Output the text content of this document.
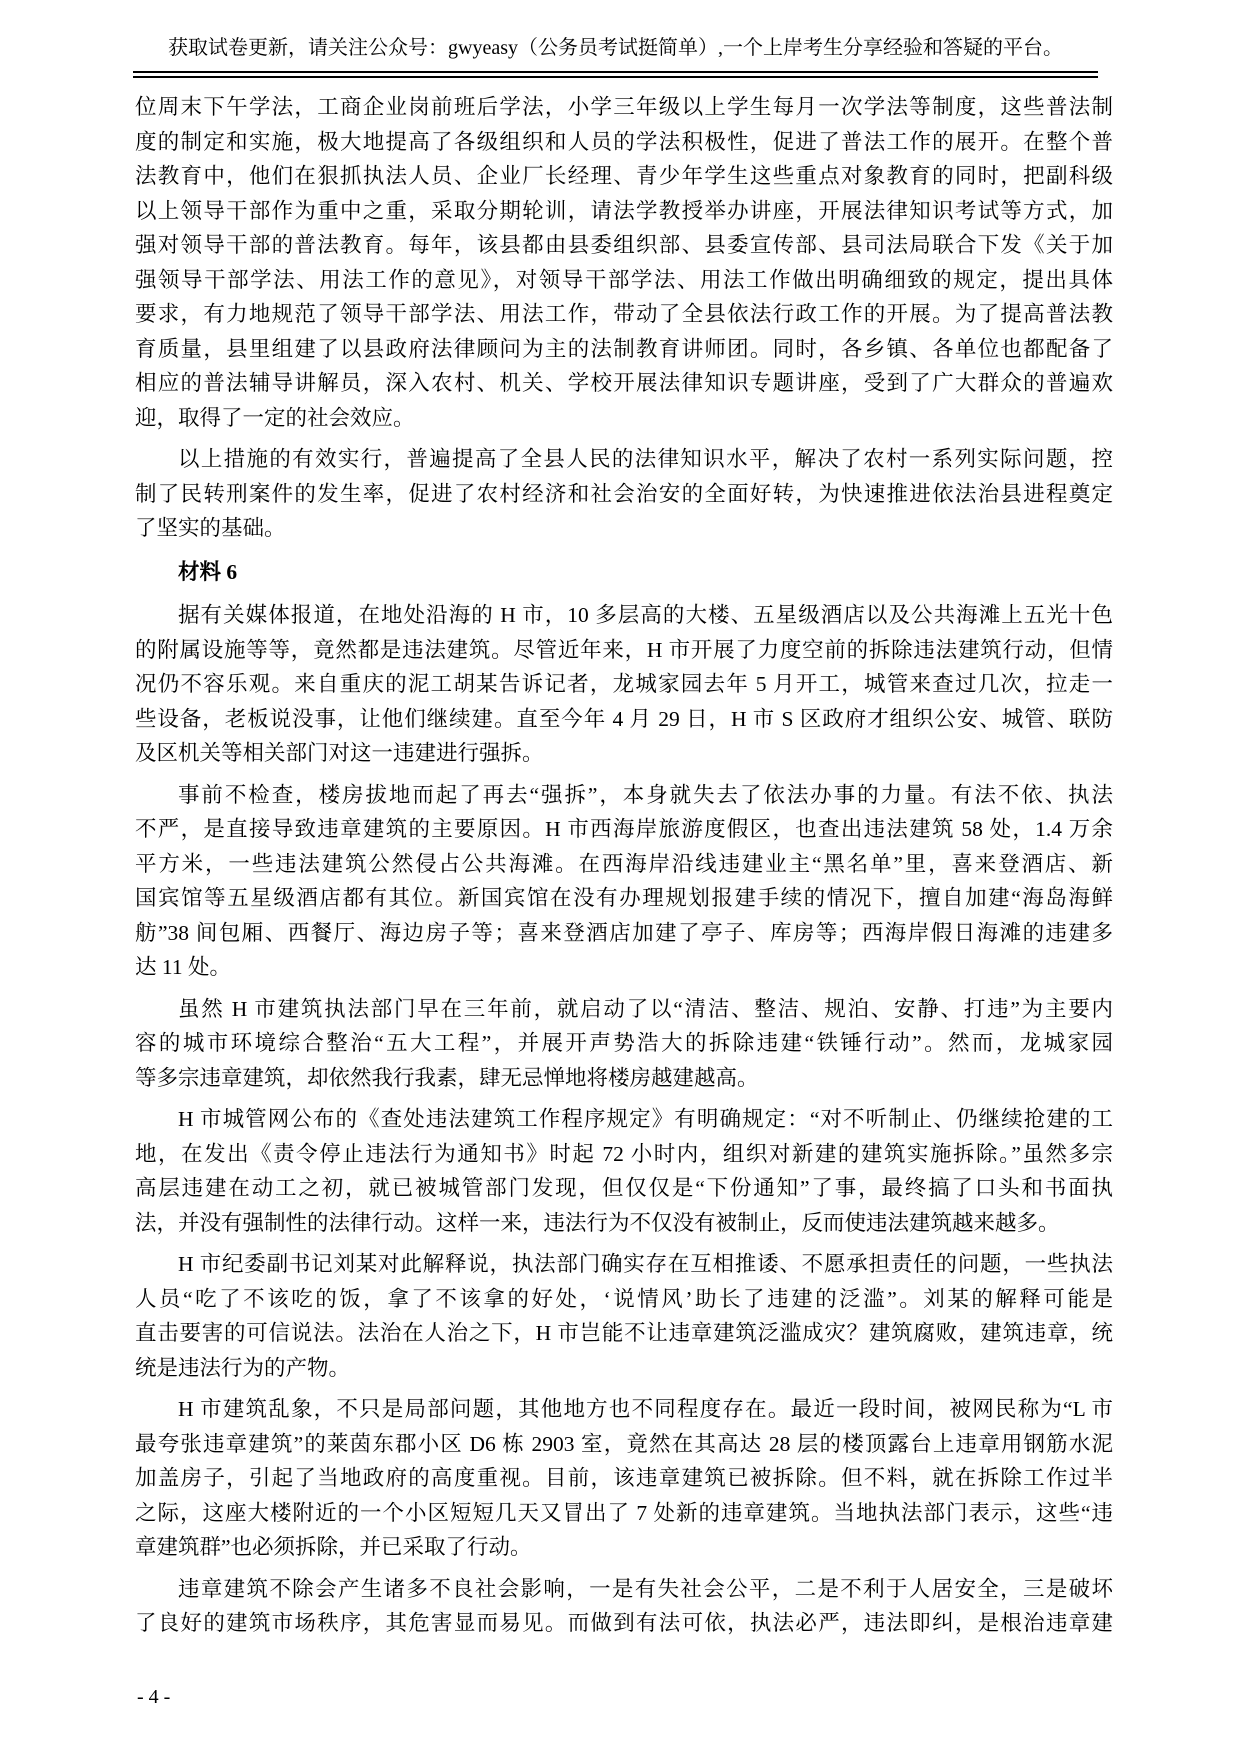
获取试卷更新，请关注公众号：gwyeasy（公务员考试挺简单）,一个上岸考生分享经验和答疑的平台。
位周末下午学法，工商企业岗前班后学法，小学三年级以上学生每月一次学法等制度，这些普法制
度的制定和实施，极大地提高了各级组织和人员的学法积极性，促进了普法工作的展开。在整个普
法教育中，他们在狠抓执法人员、企业厂长经理、青少年学生这些重点对象教育的同时，把副科级
以上领导干部作为重中之重，采取分期轮训，请法学教授举办讲座，开展法律知识考试等方式，加
强对领导干部的普法教育。每年，该县都由县委组织部、县委宣传部、县司法局联合下发《关于加
强领导干部学法、用法工作的意见》，对领导干部学法、用法工作做出明确细致的规定，提出具体
要求，有力地规范了领导干部学法、用法工作，带动了全县依法行政工作的开展。为了提高普法教
育质量，县里组建了以县政府法律顾问为主的法制教育讲师团。同时，各乡镇、各单位也都配备了
相应的普法辅导讲解员，深入农村、机关、学校开展法律知识专题讲座，受到了广大群众的普遍欢
迎，取得了一定的社会效应。
以上措施的有效实行，普遍提高了全县人民的法律知识水平，解决了农村一系列实际问题，控
制了民转刑案件的发生率，促进了农村经济和社会治安的全面好转，为快速推进依法治县进程奠定
了坚实的基础。
材料 6
据有关媒体报道，在地处沿海的 H 市，10 多层高的大楼、五星级酒店以及公共海滩上五光十色
的附属设施等等，竟然都是违法建筑。尽管近年来，H 市开展了力度空前的拆除违法建筑行动，但情
况仍不容乐观。来自重庆的泥工胡某告诉记者，龙城家园去年 5 月开工，城管来查过几次，拉走一
些设备，老板说没事，让他们继续建。直至今年 4 月 29 日，H 市 S 区政府才组织公安、城管、联防
及区机关等相关部门对这一违建进行强拆。
事前不检查，楼房拔地而起了再去“强拆”，本身就失去了依法办事的力量。有法不依、执法
不严，是直接导致违章建筑的主要原因。H 市西海岸旅游度假区，也查出违法建筑 58 处，1.4 万余
平方米，一些违法建筑公然侵占公共海滩。在西海岸沿线违建业主“黑名单”里，喜来登酒店、新
国宾馆等五星级酒店都有其位。新国宾馆在没有办理规划报建手续的情况下，擅自加建“海岛海鲜
舫”38 间包厢、西餐厅、海边房子等；喜来登酒店加建了亭子、库房等；西海岸假日海滩的违建多
达 11 处。
虽然 H 市建筑执法部门早在三年前，就启动了以“清洁、整洁、规泊、安静、打违”为主要内
容的城市环境综合整治“五大工程”，并展开声势浩大的拆除违建“铁锤行动”。然而，龙城家园
等多宗违章建筑，却依然我行我素，肆无忌惮地将楼房越建越高。
H 市城管网公布的《查处违法建筑工作程序规定》有明确规定：“对不听制止、仍继续抢建的工
地，在发出《责令停止违法行为通知书》时起 72 小时内，组织对新建的建筑实施拆除。”虽然多宗
高层违建在动工之初，就已被城管部门发现，但仅仅是“下份通知”了事，最终搞了口头和书面执
法，并没有强制性的法律行动。这样一来，违法行为不仅没有被制止，反而使违法建筑越来越多。
H 市纪委副书记刘某对此解释说，执法部门确实存在互相推诿、不愿承担责任的问题，一些执法
人员“吃了不该吃的饭，拿了不该拿的好处，‘说情风’助长了违建的泛滥”。刘某的解释可能是
直击要害的可信说法。法治在人治之下，H 市岂能不让违章建筑泛滥成灾？建筑腐败，建筑违章，统
统是违法行为的产物。
H 市建筑乱象，不只是局部问题，其他地方也不同程度存在。最近一段时间，被网民称为“L 市
最夸张违章建筑”的莱茵东郡小区 D6 栋 2903 室，竟然在其高达 28 层的楼顶露台上违章用钢筋水泥
加盖房子，引起了当地政府的高度重视。目前，该违章建筑已被拆除。但不料，就在拆除工作过半
之际，这座大楼附近的一个小区短短几天又冒出了 7 处新的违章建筑。当地执法部门表示，这些“违
章建筑群”也必须拆除，并已采取了行动。
违章建筑不除会产生诸多不良社会影响，一是有失社会公平，二是不利于人居安全，三是破坏
了良好的建筑市场秩序，其危害显而易见。而做到有法可依，执法必严，违法即纠，是根治违章建
- 4 -
